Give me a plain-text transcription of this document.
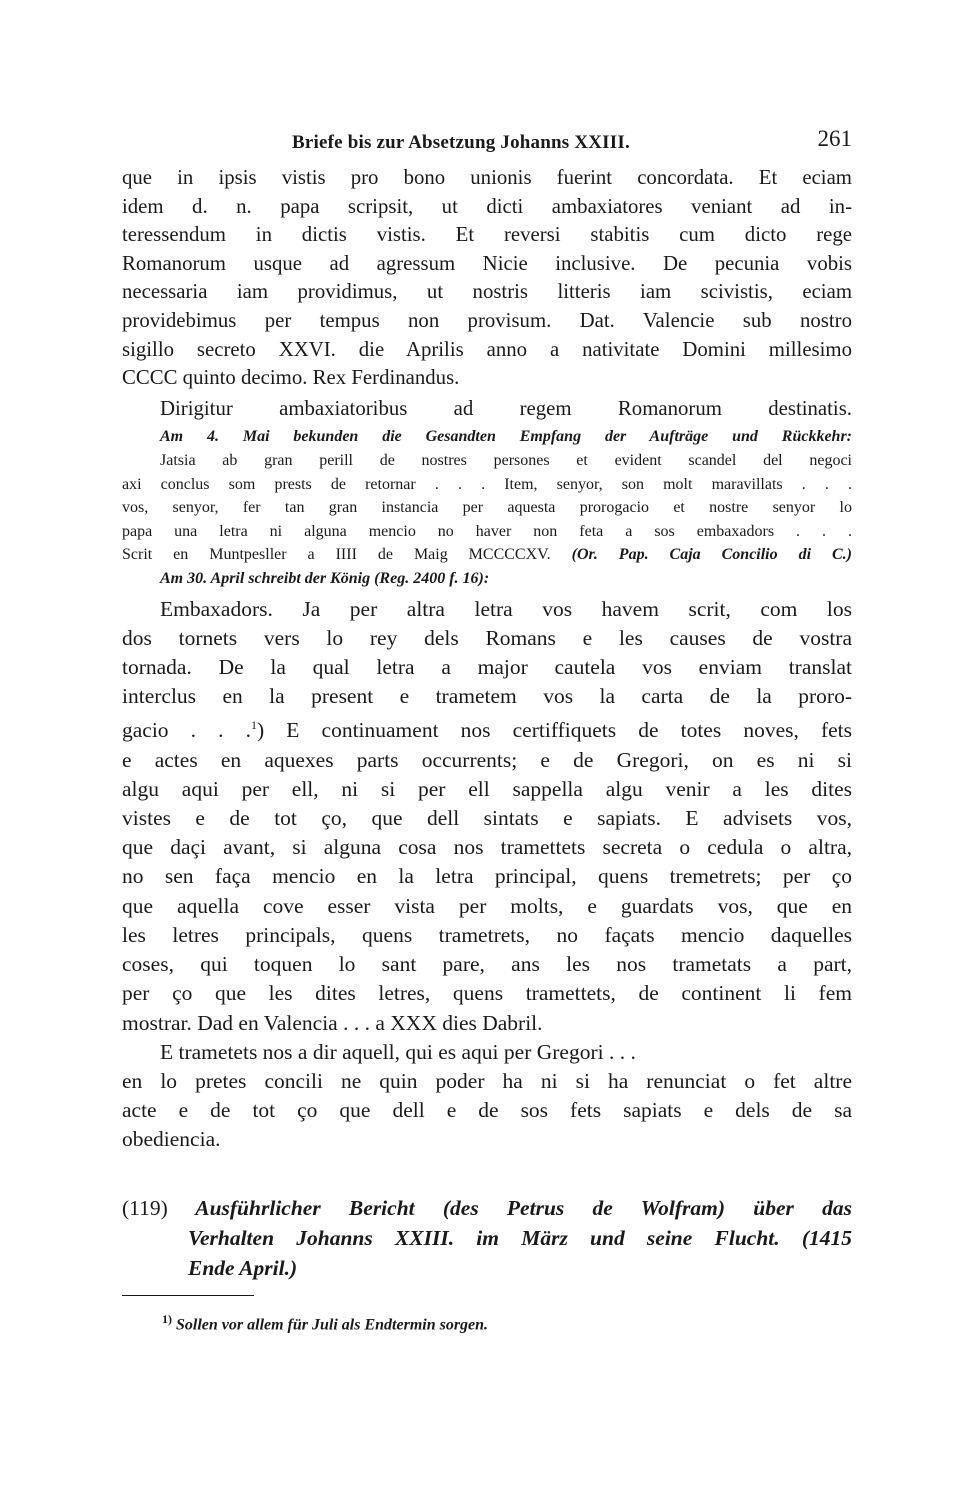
Briefe bis zur Absetzung Johanns XXIII.	261
que in ipsis vistis pro bono unionis fuerint concordata. Et eciam
idem d. n. papa scripsit, ut dicti ambaxiatores veniant ad in-
teressendum in dictis vistis. Et reversi stabitis cum dicto rege
Romanorum usque ad agressum Nicie inclusive. De pecunia vobis
necessaria iam providimus, ut nostris litteris iam scivistis, eciam
providebimus per tempus non provisum. Dat. Valencie sub nostro
sigillo secreto XXVI. die Aprilis anno a nativitate Domini millesimo
CCCC quinto decimo. Rex Ferdinandus.
Dirigitur ambaxiatoribus ad regem Romanorum destinatis.
Am 4. Mai bekunden die Gesandten Empfang der Aufträge und Rückkehr:
Jatsia ab gran perill de nostres persones et evident scandel del negoci
axi conclus som prests de retornar . . . Item, senyor, son molt maravillats . . .
vos, senyor, fer tan gran instancia per aquesta prorogacio et nostre senyor lo
papa una letra ni alguna mencio no haver non feta a sos embaxadors . . .
Scrit en Muntpesller a IIII de Maig MCCCCXV. (Or. Pap. Caja Concilio di C.)
Am 30. April schreibt der König (Reg. 2400 f. 16):
Embaxadors. Ja per altra letra vos havem scrit, com los
dos tornets vers lo rey dels Romans e les causes de vostra
tornada. De la qual letra a major cautela vos enviam translat
interclus en la present e trametem vos la carta de la proro-
gacio . . .$^1$) E continuament nos certiffiquets de totes noves, fets
e actes en aquexes parts occurrents; e de Gregori, on es ni si
algu aqui per ell, ni si per ell sappella algu venir a les dites
vistes e de tot ço, que dell sintats e sapiats. E advisets vos,
que daçi avant, si alguna cosa nos tramettets secreta o cedula o altra,
no sen faça mencio en la letra principal, quens tremetrets; per ço
que aquella cove esser vista per molts, e guardats vos, que en
les letres principals, quens trametrets, no façats mencio daquelles
coses, qui toquen lo sant pare, ans les nos trametats a part,
per ço que les dites letres, quens tramettets, de continent li fem
mostrar. Dad en Valencia . . . a XXX dies Dabril.
E trametets nos a dir aquell, qui es aqui per Gregori . . .
en lo pretes concili ne quin poder ha ni si ha renunciat o fet altre
acte e de tot ço que dell e de sos fets sapiats e dels de sa
obediencia.
(119) Ausführlicher Bericht (des Petrus de Wolfram) über das
Verhalten Johanns XXIII. im März und seine Flucht. (1415
Ende April.)
$^{1)}$ Sollen vor allem für Juli als Endtermin sorgen.
